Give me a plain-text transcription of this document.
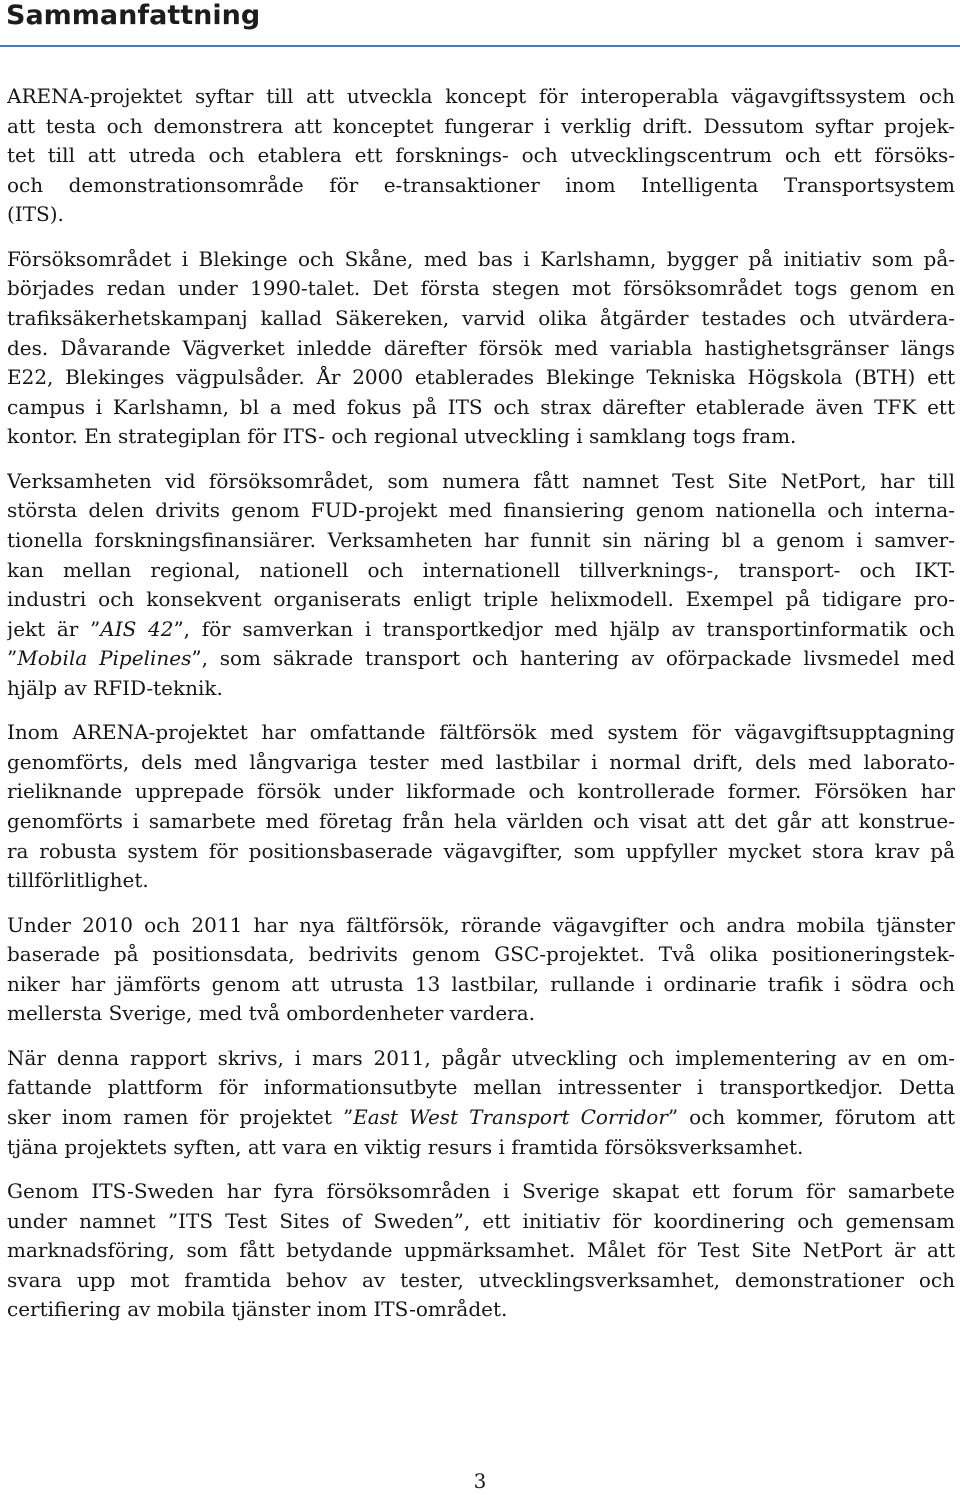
Sammanfattning
ARENA-projektet syftar till att utveckla koncept för interoperabla vägavgiftssystem och
att testa och demonstrera att konceptet fungerar i verklig drift. Dessutom syftar projek-
tet till att utreda och etablera ett forsknings- och utvecklingscentrum och ett försöks-
och demonstrationsområde för e-transaktioner inom Intelligenta Transportsystem
(ITS).
Försöksområdet i Blekinge och Skåne, med bas i Karlshamn, bygger på initiativ som på-
börjades redan under 1990-talet. Det första stegen mot försöksområdet togs genom en
trafiksäkerhetskampanj kallad Säkereken, varvid olika åtgärder testades och utvärdera-
des. Dåvarande Vägverket inledde därefter försök med variabla hastighetsgränser längs
E22, Blekinges vägpulsåder. År 2000 etablerades Blekinge Tekniska Högskola (BTH) ett
campus i Karlshamn, bl a med fokus på ITS och strax därefter etablerade även TFK ett
kontor. En strategiplan för ITS- och regional utveckling i samklang togs fram.
Verksamheten vid försöksområdet, som numera fått namnet Test Site NetPort, har till
största delen drivits genom FUD-projekt med finansiering genom nationella och interna-
tionella forskningsfinansiärer. Verksamheten har funnit sin näring bl a genom i samver-
kan mellan regional, nationell och internationell tillverknings-, transport- och IKT-
industri och konsekvent organiserats enligt triple helixmodell. Exempel på tidigare pro-
jekt är ”AIS 42”, för samverkan i transportkedjor med hjälp av transportinformatik och
”Mobila Pipelines”, som säkrade transport och hantering av oförpackade livsmedel med
hjälp av RFID-teknik.
Inom ARENA-projektet har omfattande fältförsök med system för vägavgiftsupptagning
genomförts, dels med långvariga tester med lastbilar i normal drift, dels med laborato-
rieliknande upprepade försök under likformade och kontrollerade former. Försöken har
genomförts i samarbete med företag från hela världen och visat att det går att konstrue-
ra robusta system för positionsbaserade vägavgifter, som uppfyller mycket stora krav på
tillförlitlighet.
Under 2010 och 2011 har nya fältförsök, rörande vägavgifter och andra mobila tjänster
baserade på positionsdata, bedrivits genom GSC-projektet. Två olika positioneringstek-
niker har jämförts genom att utrusta 13 lastbilar, rullande i ordinarie trafik i södra och
mellersta Sverige, med två ombordenheter vardera.
När denna rapport skrivs, i mars 2011, pågår utveckling och implementering av en om-
fattande plattform för informationsutbyte mellan intressenter i transportkedjor. Detta
sker inom ramen för projektet ”East West Transport Corridor” och kommer, förutom att
tjäna projektets syften, att vara en viktig resurs i framtida försöksverksamhet.
Genom ITS-Sweden har fyra försöksområden i Sverige skapat ett forum för samarbete
under namnet ”ITS Test Sites of Sweden”, ett initiativ för koordinering och gemensam
marknadsföring, som fått betydande uppmärksamhet. Målet för Test Site NetPort är att
svara upp mot framtida behov av tester, utvecklingsverksamhet, demonstrationer och
certifiering av mobila tjänster inom ITS-området.
3
